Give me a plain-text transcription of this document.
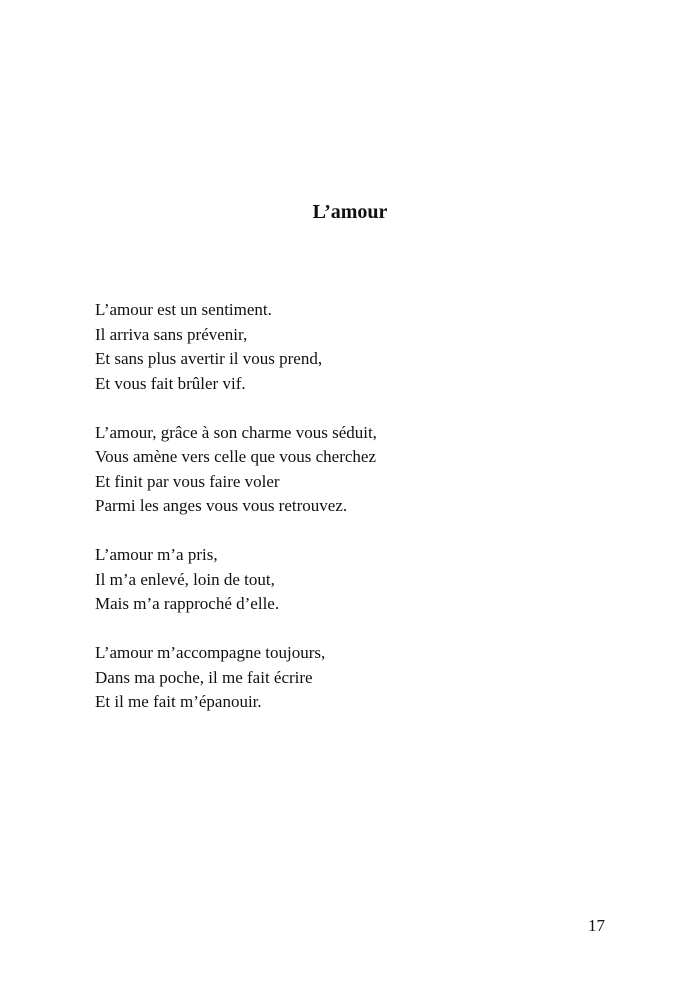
L’amour
L’amour est un sentiment.
Il arriva sans prévenir,
Et sans plus avertir il vous prend,
Et vous fait brûler vif.
L’amour, grâce à son charme vous séduit,
Vous amène vers celle que vous cherchez
Et finit par vous faire voler
Parmi les anges vous vous retrouvez.
L’amour m’a pris,
Il m’a enlevé, loin de tout,
Mais m’a rapproché d’elle.
L’amour m’accompagne toujours,
Dans ma poche, il me fait écrire
Et il me fait m’épanouir.
17
